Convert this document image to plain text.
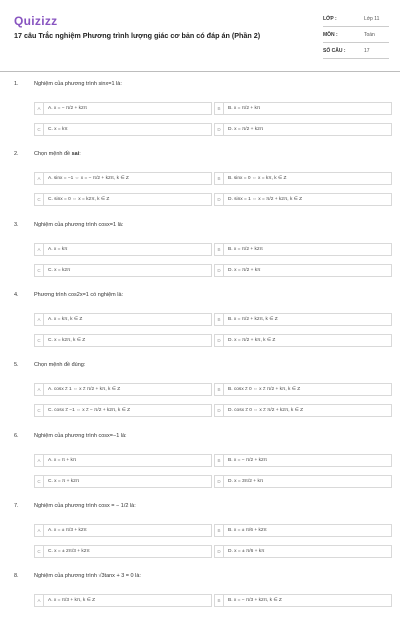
Quizizz
17 câu Trắc nghiệm Phương trình lượng giác cơ bản có đáp án (Phần 2)
LỚP :	Lớp 11
MÔN :	Toán
SỐ CÂU :	17
1.	Nghiệm của phương trình sinx=1 là:
A	A. x = − π/2 + k2π	B	B. x = π/2 + kπ
C	C. x = kπ	D	D. x = π/2 + k2π
2.	Chọn mệnh đề sai:
A	A. sinx = −1 ⇔ x = − π/2 + k2π, k ∈ Z	B	B. sinx = 0 ⇔ x = kπ, k ∈ Z
C	C. sinx = 0 ⇔ x = k2π, k ∈ Z	D	D. sinx = 1 ⇔ x = π/2 + k2π, k ∈ Z
3.	Nghiệm của phương trình cosx=1 là:
A	A. x = kπ	B	B. x = π/2 + k2π
C	C. x = k2π	D	D. x = π/2 + kπ
4.	Phương trình cos2x=1 có nghiệm là:
A	A. x = kπ, k ∈ Z	B	B. x = π/2 + k2π, k ∈ Z
C	C. x = k2π, k ∈ Z	D	D. x = π/2 + kπ, k ∈ Z
5.	Chọn mệnh đề đúng:
A	A. cosx ≠ 1 ⇔ x ≠ π/2 + kπ, k ∈ Z	B	B. cosx ≠ 0 ⇔ x ≠ π/2 + kπ, k ∈ Z
C	C. cosx ≠ −1 ⇔ x ≠ − π/2 + k2π, k ∈ Z	D	D. cosx ≠ 0 ⇔ x ≠ π/2 + k2π, k ∈ Z
6.	Nghiệm của phương trình cosx=−1 là:
A	A. x = π + kπ	B	B. x = − π/2 + k2π
C	C. x = π + k2π	D	D. x = 3π/2 + kπ
7.	Nghiệm của phương trình cosx = − 1/2 là:
A	A. x = ± π/3 + k2π	B	B. x = ± π/6 + k2π
C	C. x = ± 2π/3 + k2π	D	D. x = ± π/6 + kπ
8.	Nghiệm của phương trình √3tanx + 3 = 0 là:
A	A. x = π/3 + kπ, k ∈ Z	B	B. x = − π/3 + k2π, k ∈ Z
